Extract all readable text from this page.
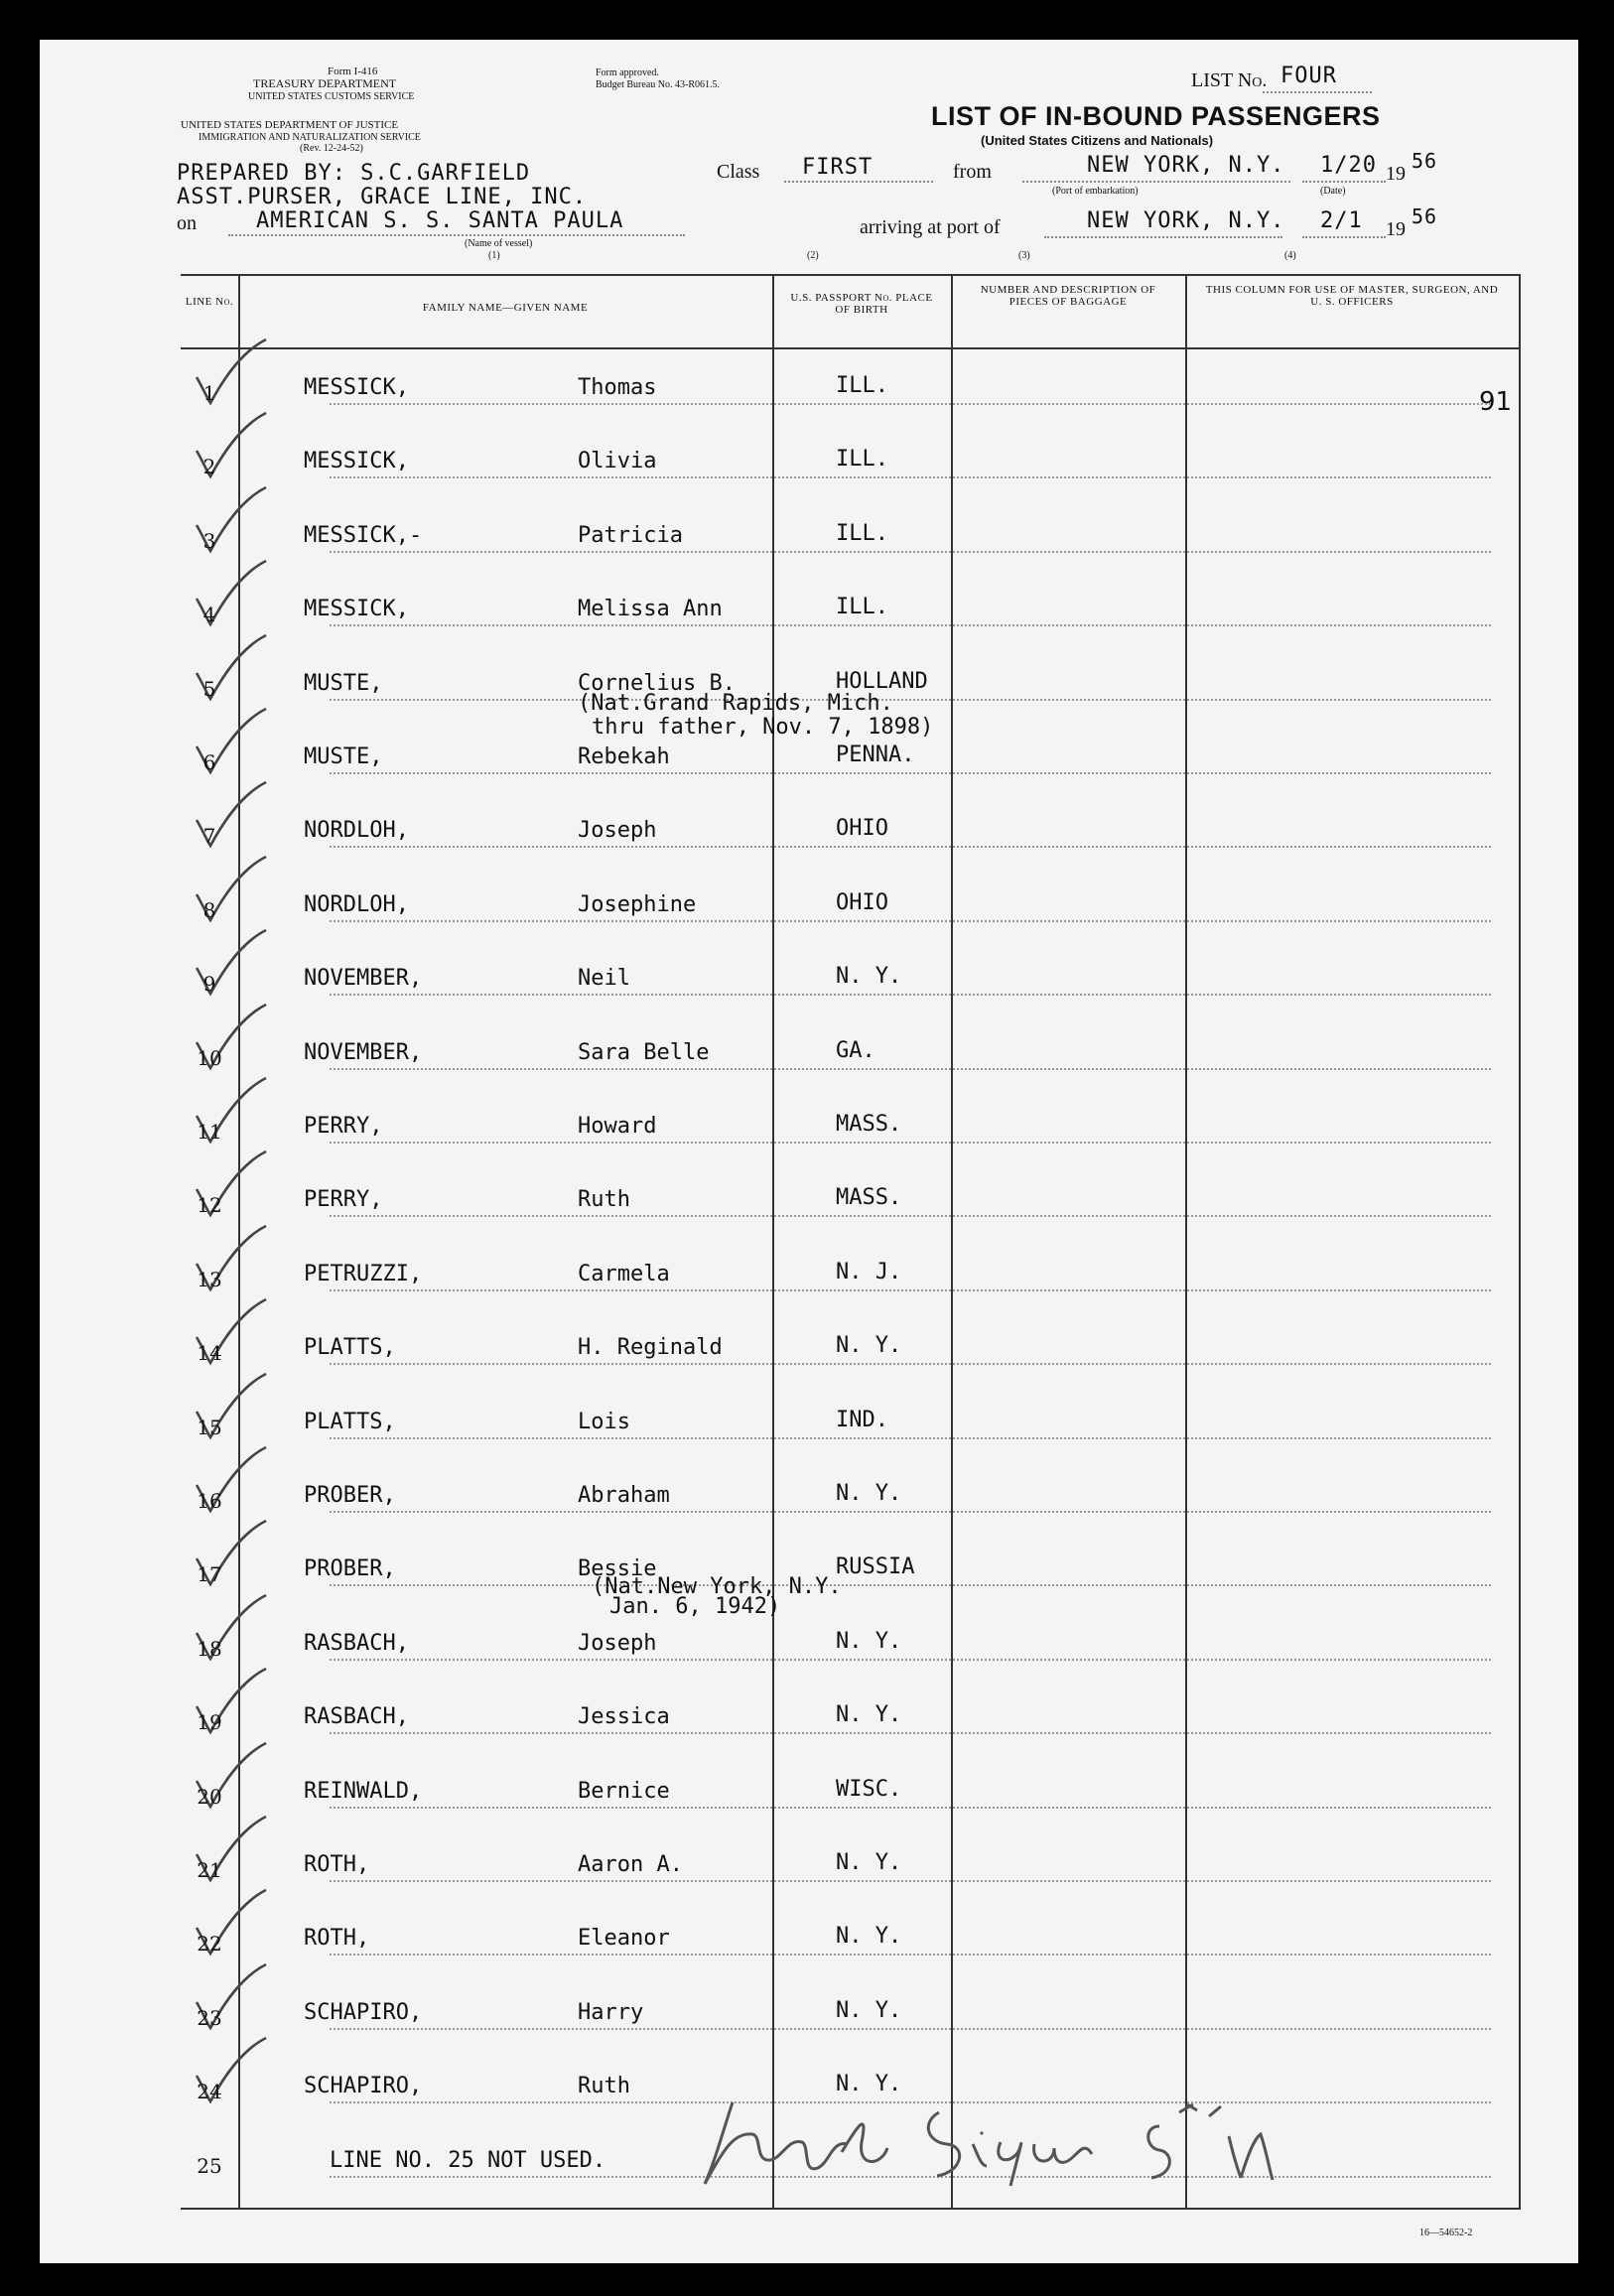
Form I-416
TREASURY DEPARTMENT
UNITED STATES CUSTOMS SERVICE
UNITED STATES DEPARTMENT OF JUSTICE
IMMIGRATION AND NATURALIZATION SERVICE
(Rev. 12-24-52)
Form approved.
Budget Bureau No. 43-R061.5.	LIST No. FOUR
LIST OF IN-BOUND PASSENGERS
(United States Citizens and Nationals)
PREPARED BY: S.C.GARFIELD
ASST.PURSER, GRACE LINE, INC.
on	AMERICAN S. S. SANTA PAULA
(Name of vessel)
(1)
Class FIRST	from	NEW YORK, N.Y.
(Port of embarkation)
1/20
(Date)
19
56
arriving at port of	NEW YORK, N.Y. 2/1 19
56
(2)	(3)	(4)
LINE No.	FAMILY NAME—GIVEN NAME
U.S. PASSPORT No. PLACE OF BIRTH
NUMBER AND DESCRIPTION OF PIECES OF BAGGAGE
THIS COLUMN FOR USE OF MASTER, SURGEON, AND U. S. OFFICERS
91
1	MESSICK,	Thomas	ILL.
2	MESSICK,	Olivia	ILL.
3	MESSICK,-	Patricia	ILL.
4	MESSICK,	Melissa Ann	ILL.
5	MUSTE,	Cornelius B.	HOLLAND
6	MUSTE,	Rebekah	PENNA.
7	NORDLOH,	Joseph	OHIO
8	NORDLOH,	Josephine	OHIO
9	NOVEMBER,	Neil	N. Y.
10	NOVEMBER,	Sara Belle	GA.
11	PERRY,	Howard	MASS.
12	PERRY,	Ruth	MASS.
13	PETRUZZI,	Carmela	N. J.
14	PLATTS,	H. Reginald	N. Y.
15	PLATTS,	Lois	IND.
16	PROBER,	Abraham	N. Y.
17	PROBER,	Bessie	RUSSIA
18	RASBACH,	Joseph	N. Y.
19	RASBACH,	Jessica	N. Y.
20	REINWALD,	Bernice	WISC.
21	ROTH,	Aaron A.	N. Y.
22	ROTH,	Eleanor	N. Y.
23	SCHAPIRO,	Harry	N. Y.
24	SCHAPIRO,	Ruth	N. Y.
25	LINE NO. 25 NOT USED.
(Nat.Grand Rapids, Mich.
thru father, Nov. 7, 1898)
(Nat.New York, N.Y.
Jan. 6, 1942)
16—54652-2
